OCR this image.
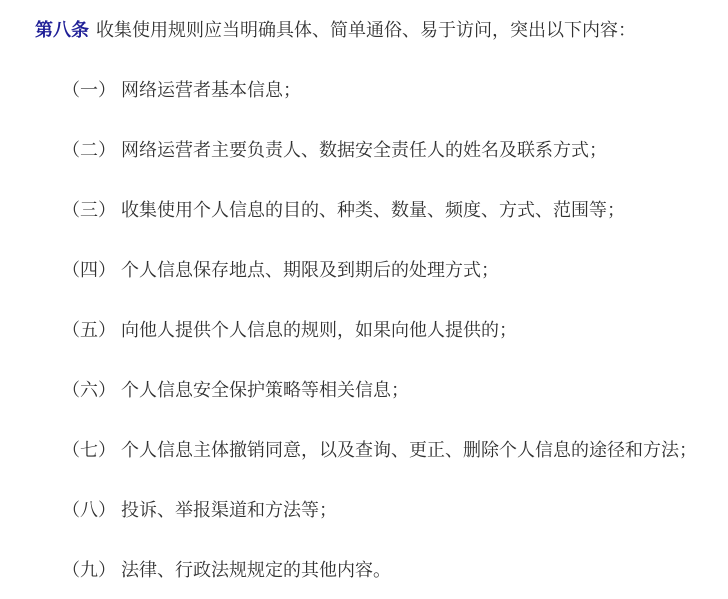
第八条 收集使用规则应当明确具体、简单通俗、易于访问，突出以下内容：

（一） 网络运营者基本信息；

（二） 网络运营者主要负责人、数据安全责任人的姓名及联系方式；

（三） 收集使用个人信息的目的、种类、数量、频度、方式、范围等；

（四） 个人信息保存地点、期限及到期后的处理方式；

（五） 向他人提供个人信息的规则，如果向他人提供的；

（六） 个人信息安全保护策略等相关信息；

（七） 个人信息主体撤销同意，以及查询、更正、删除个人信息的途径和方法；

（八） 投诉、举报渠道和方法等；

（九） 法律、行政法规规定的其他内容。
